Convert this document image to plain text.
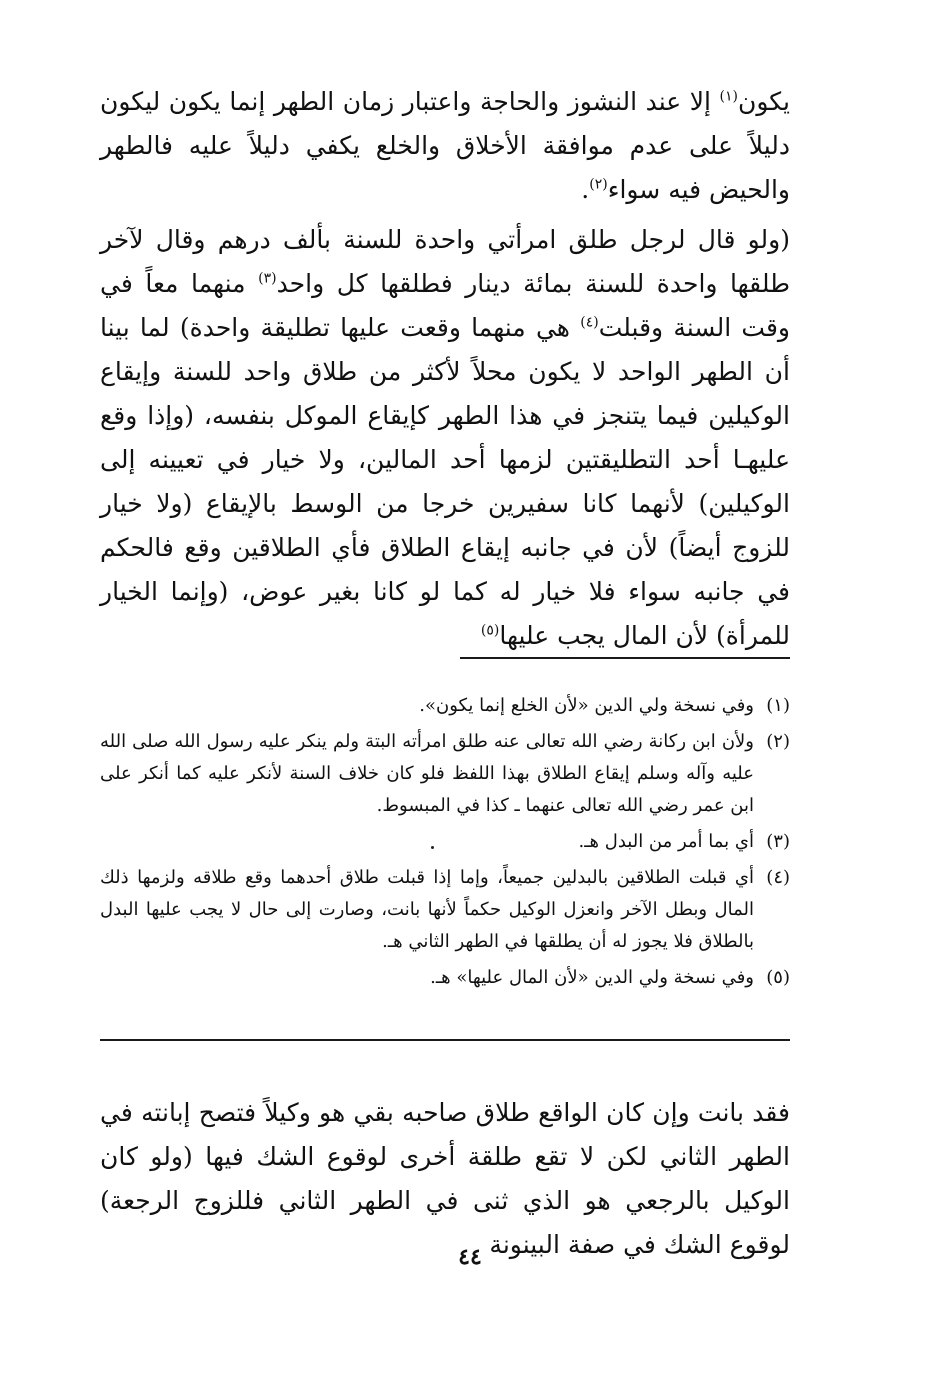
يكون$^{(١)}$ إلا عند النشوز والحاجة واعتبار زمان الطهر إنما يكون ليكون دليلاً على عدم موافقة الأخلاق والخلع يكفي دليلاً عليه فالطهر والحيض فيه سواء$^{(٢)}$.

(ولو قال لرجل طلق امرأتي واحدة للسنة بألف درهم وقال لآخر طلقها واحدة للسنة بمائة دينار فطلقها كل واحد$^{(٣)}$ منهما معاً في وقت السنة وقبلت$^{(٤)}$ هي منهما وقعت عليها تطليقة واحدة) لما بينا أن الطهر الواحد لا يكون محلاً لأكثر من طلاق واحد للسنة وإيقاع الوكيلين فيما يتنجز في هذا الطهر كإيقاع الموكل بنفسه، (وإذا وقع عليهـا أحد التطليقتين لزمها أحد المالين، ولا خيار في تعيينه إلى الوكيلين) لأنهما كانا سفيرين خرجا من الوسط بالإيقاع (ولا خيار للزوج أيضاً) لأن في جانبه إيقاع الطلاق فأي الطلاقين وقع فالحكم في جانبه سواء فلا خيار له كما لو كانا بغير عوض، (وإنما الخيار للمرأة) لأن المال يجب عليها$^{(٥)}$

(١)وفي نسخة ولي الدين «لأن الخلع إنما يكون».

(٢)ولأن ابن ركانة رضي الله تعالى عنه طلق امرأته البتة ولم ينكر عليه رسول الله صلى الله عليه وآله وسلم إيقاع الطلاق بهذا اللفظ فلو كان خلاف السنة لأنكر عليه كما أنكر على ابن عمر رضي الله تعالى عنهما ـ كذا في المبسوط.

(٣)أي بما أمر من البدل هـ.

(٤)أي قبلت الطلاقين بالبدلين جميعاً، وإما إذا قبلت طلاق أحدهما وقع طلاقه ولزمها ذلك المال وبطل الآخر وانعزل الوكيل حكماً لأنها بانت، وصارت إلى حال لا يجب عليها البدل بالطلاق فلا يجوز له أن يطلقها في الطهر الثاني هـ.

(٥)وفي نسخة ولي الدين «لأن المال عليها» هـ.

فقد بانت وإن كان الواقع طلاق صاحبه بقي هو وكيلاً فتصح إبانته في الطهر الثاني لكن لا تقع طلقة أخرى لوقوع الشك فيها (ولو كان الوكيل بالرجعي هو الذي ثنى في الطهر الثاني فللزوج الرجعة) لوقوع الشك في صفة البينونة

٤٤
